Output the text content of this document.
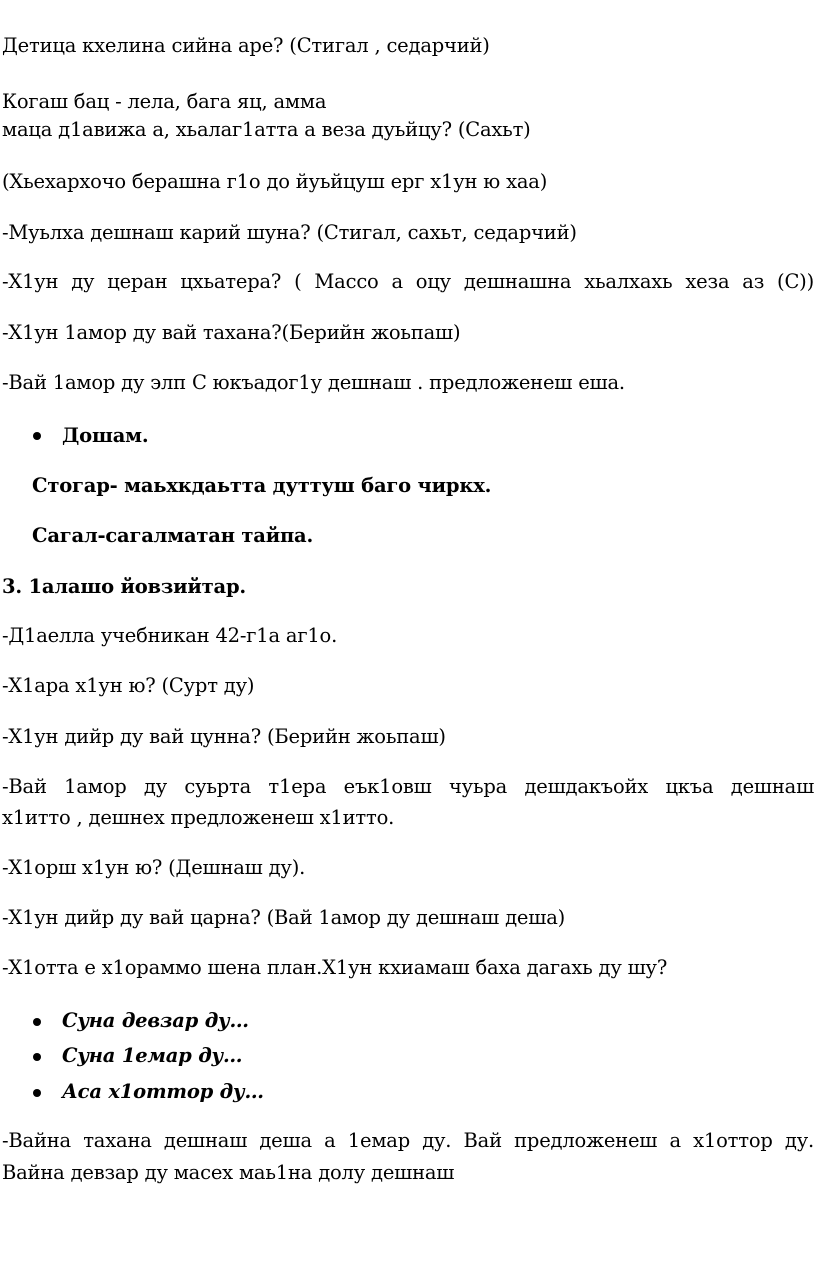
Детица кхелина сийна аре? (Стигал , седарчий)
Когаш бац - лела, бага яц, амма
маца д1авижа а, хьалаг1атта а веза дуьйцу? (Сахьт)
(Хьехархочо берашна г1о до йуьйцуш ерг х1ун ю хаа)
-Муьлха дешнаш карий шуна? (Стигал, сахьт, седарчий)
-Х1ун ду церан цхьатера? ( Массо а оцу дешнашна хьалхахь хеза аз (С))
-Х1ун 1амор ду вай тахана?(Берийн жоьпаш)
-Вай 1амор ду элп С юкъадог1у дешнаш . предложенеш еша.
Дошам.
Стогар- маьхкдаьтта дуттуш баго чиркх.
Сагал-сагалматан тайпа.
3. 1алашо йовзийтар.
-Д1аелла учебникан 42-г1а аг1о.
-Х1ара х1ун ю? (Сурт ду)
-Х1ун дийр ду вай цунна? (Берийн жоьпаш)
-Вай 1амор ду суьрта т1ера еък1овш чуьра дешдакъойх цкъа дешнаш
х1итто , дешнех предложенеш х1итто.
-Х1орш х1ун ю? (Дешнаш ду).
-Х1ун дийр ду вай царна? (Вай 1амор ду дешнаш деша)
-Х1отта е х1ораммо шена план.Х1ун кхиамаш баха дагахь ду шу?
Суна девзар ду…
Суна 1емар ду…
Аса х1оттор ду…
-Вайна тахана дешнаш деша а 1емар ду. Вай предложенеш а х1оттор ду.
Вайна девзар ду масех маь1на долу дешнаш
